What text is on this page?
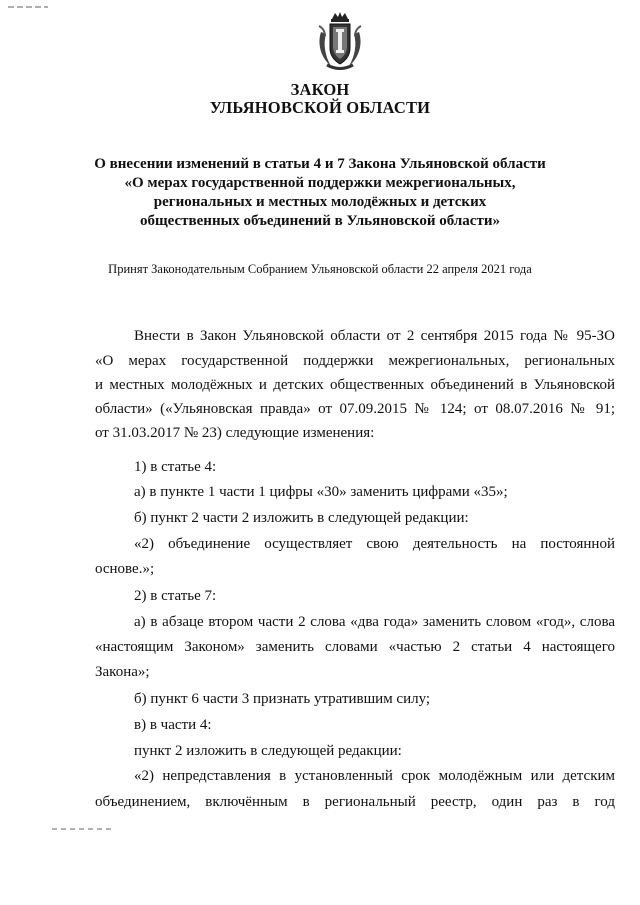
ЗАКОН
УЛЬЯНОВСКОЙ ОБЛАСТИ
О внесении изменений в статьи 4 и 7 Закона Ульяновской области
«О мерах государственной поддержки межрегиональных,
региональных и местных молодёжных и детских
общественных объединений в Ульяновской области»
Принят Законодательным Собранием Ульяновской области 22 апреля 2021 года
Внести в Закон Ульяновской области от 2 сентября 2015 года № 95-ЗО
«О мерах государственной поддержки межрегиональных, региональных
и местных молодёжных и детских общественных объединений в Ульяновской
области» («Ульяновская правда» от 07.09.2015 № 124; от 08.07.2016 № 91;
от 31.03.2017 № 23) следующие изменения:
1) в статье 4:
а) в пункте 1 части 1 цифры «30» заменить цифрами «35»;
б) пункт 2 части 2 изложить в следующей редакции:
«2) объединение осуществляет свою деятельность на постоянной
основе.»;
2) в статье 7:
а) в абзаце втором части 2 слова «два года» заменить словом «год», слова
«настоящим Законом» заменить словами «частью 2 статьи 4 настоящего
Закона»;
б) пункт 6 части 3 признать утратившим силу;
в) в части 4:
пункт 2 изложить в следующей редакции:
«2) непредставления в установленный срок молодёжным или детским
объединением, включённым в региональный реестр, один раз в год
